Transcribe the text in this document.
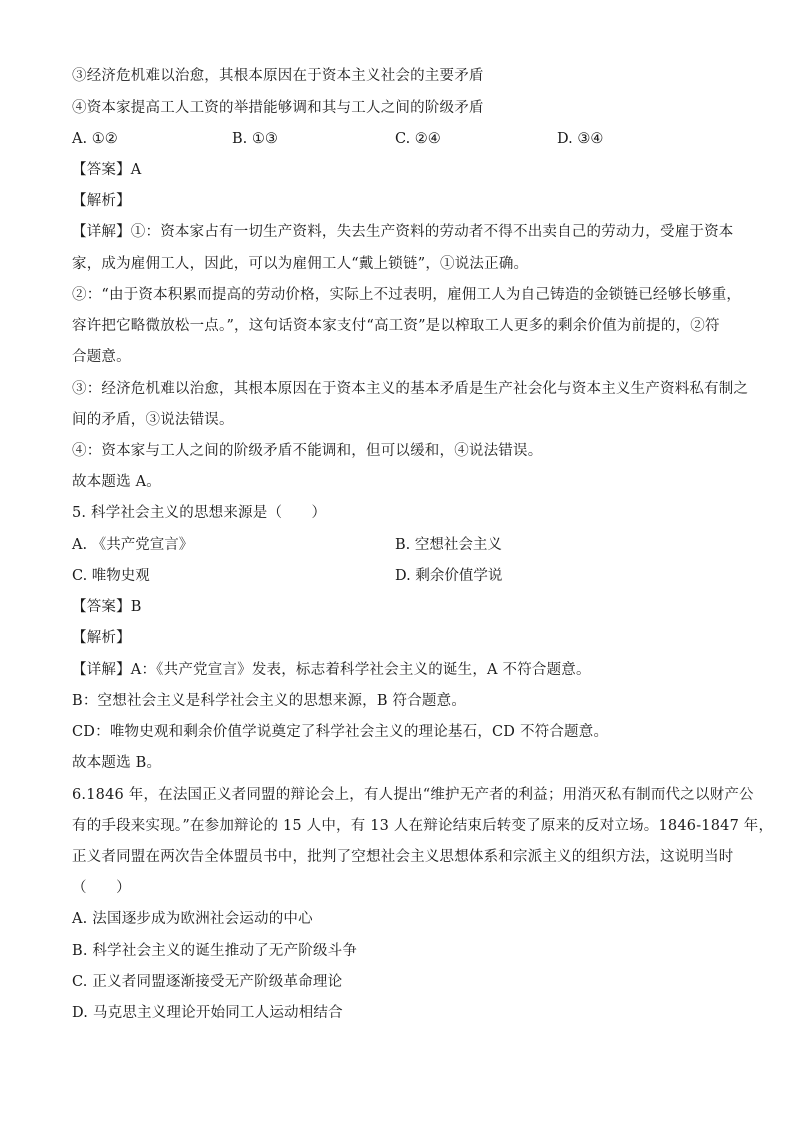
③经济危机难以治愈，其根本原因在于资本主义社会的主要矛盾
④资本家提高工人工资的举措能够调和其与工人之间的阶级矛盾
A. ①②	B. ①③	C. ②④	D. ③④
【答案】A
【解析】
【详解】①：资本家占有一切生产资料，失去生产资料的劳动者不得不出卖自己的劳动力，受雇于资本
家，成为雇佣工人，因此，可以为雇佣工人“戴上锁链”，①说法正确。
②：“由于资本积累而提高的劳动价格，实际上不过表明，雇佣工人为自己铸造的金锁链已经够长够重，
容许把它略微放松一点。”，这句话资本家支付“高工资”是以榨取工人更多的剩余价值为前提的，②符
合题意。
③：经济危机难以治愈，其根本原因在于资本主义的基本矛盾是生产社会化与资本主义生产资料私有制之
间的矛盾，③说法错误。
④：资本家与工人之间的阶级矛盾不能调和，但可以缓和，④说法错误。
故本题选 A。
5. 科学社会主义的思想来源是（　　）
A. 《共产党宣言》	B. 空想社会主义
C. 唯物史观	D. 剩余价值学说
【答案】B
【解析】
【详解】A：《共产党宣言》发表，标志着科学社会主义的诞生，A 不符合题意。
B：空想社会主义是科学社会主义的思想来源，B 符合题意。
CD：唯物史观和剩余价值学说奠定了科学社会主义的理论基石，CD 不符合题意。
故本题选 B。
6.1846 年，在法国正义者同盟的辩论会上，有人提出“维护无产者的利益；用消灭私有制而代之以财产公
有的手段来实现。”在参加辩论的 15 人中，有 13 人在辩论结束后转变了原来的反对立场。1846-1847 年，
正义者同盟在两次告全体盟员书中，批判了空想社会主义思想体系和宗派主义的组织方法，这说明当时
（　　）
A. 法国逐步成为欧洲社会运动的中心
B. 科学社会主义的诞生推动了无产阶级斗争
C. 正义者同盟逐渐接受无产阶级革命理论
D. 马克思主义理论开始同工人运动相结合
